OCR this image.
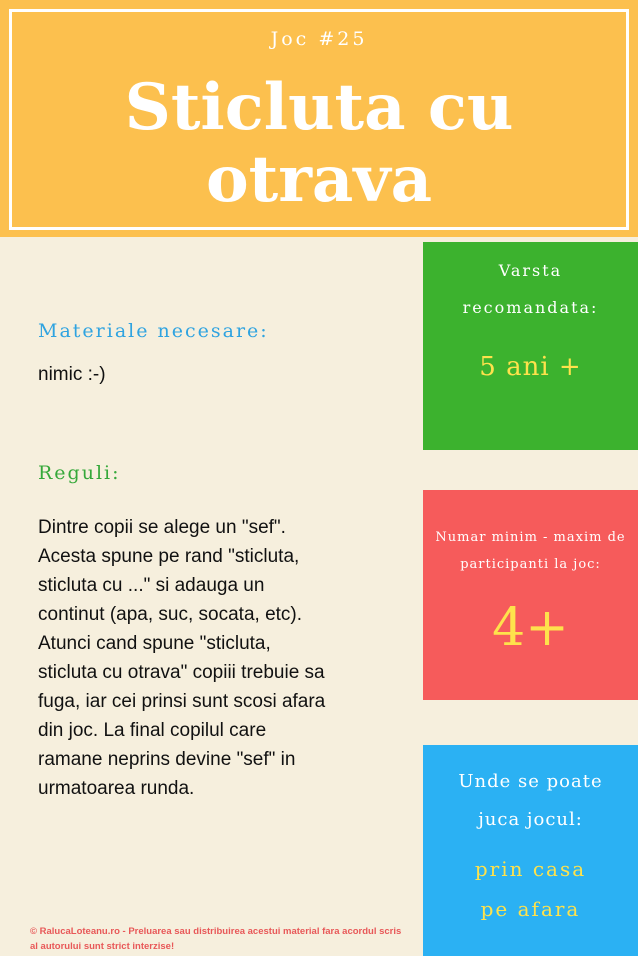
Joc #25
Sticluta cu
otrava
Materiale necesare:
nimic :-)
Reguli:
Dintre copii se alege un "sef".
Acesta spune pe rand "sticluta,
sticluta cu ..." si adauga un
continut (apa, suc, socata, etc).
Atunci cand spune "sticluta,
sticluta cu otrava" copiii trebuie sa
fuga, iar cei prinsi sunt scosi afara
din joc. La final copilul care
ramane neprins devine "sef" in
urmatoarea runda.
Varsta
recomandata:
5 ani +
Numar minim - maxim de
participanti la joc:
4+
Unde se poate
juca jocul:
prin casa
pe afara
© RalucaLoteanu.ro - Preluarea sau distribuirea acestui material fara acordul scris
al autorului sunt strict interzise!
